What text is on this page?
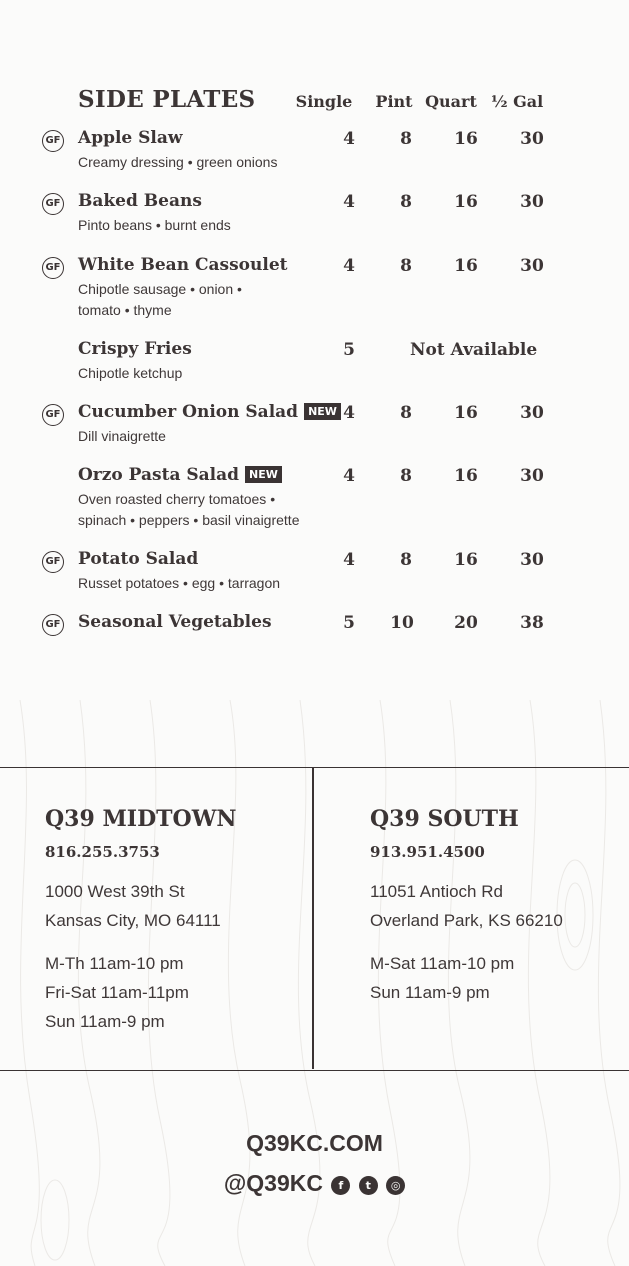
SIDE PLATES	Single	Pint Quart ½ Gal
GF Apple Slaw
Creamy dressing • green onions
4	8	16	30
GF Baked Beans
Pinto beans • burnt ends
4	8	16	30
GF White Bean Cassoulet
Chipotle sausage • onion • tomato • thyme
4	8	16	30
Crispy Fries
Chipotle ketchup
5	Not Available
GF Cucumber Onion Salad NEW
Dill vinaigrette
4	8	16	30
Orzo Pasta Salad NEW
Oven roasted cherry tomatoes • spinach • peppers • basil vinaigrette
4	8	16	30
GF Potato Salad
Russet potatoes • egg • tarragon
4	8	16	30
GF Seasonal Vegetables	5	10	20	38
Q39 MIDTOWN
816.255.3753
1000 West 39th St
Kansas City, MO 64111
M-Th 11am-10 pm
Fri-Sat 11am-11pm
Sun 11am-9 pm
Q39 SOUTH
913.951.4500
11051 Antioch Rd
Overland Park, KS 66210
M-Sat 11am-10 pm
Sun 11am-9 pm
Q39KC.COM
@Q39KC f t ◎
